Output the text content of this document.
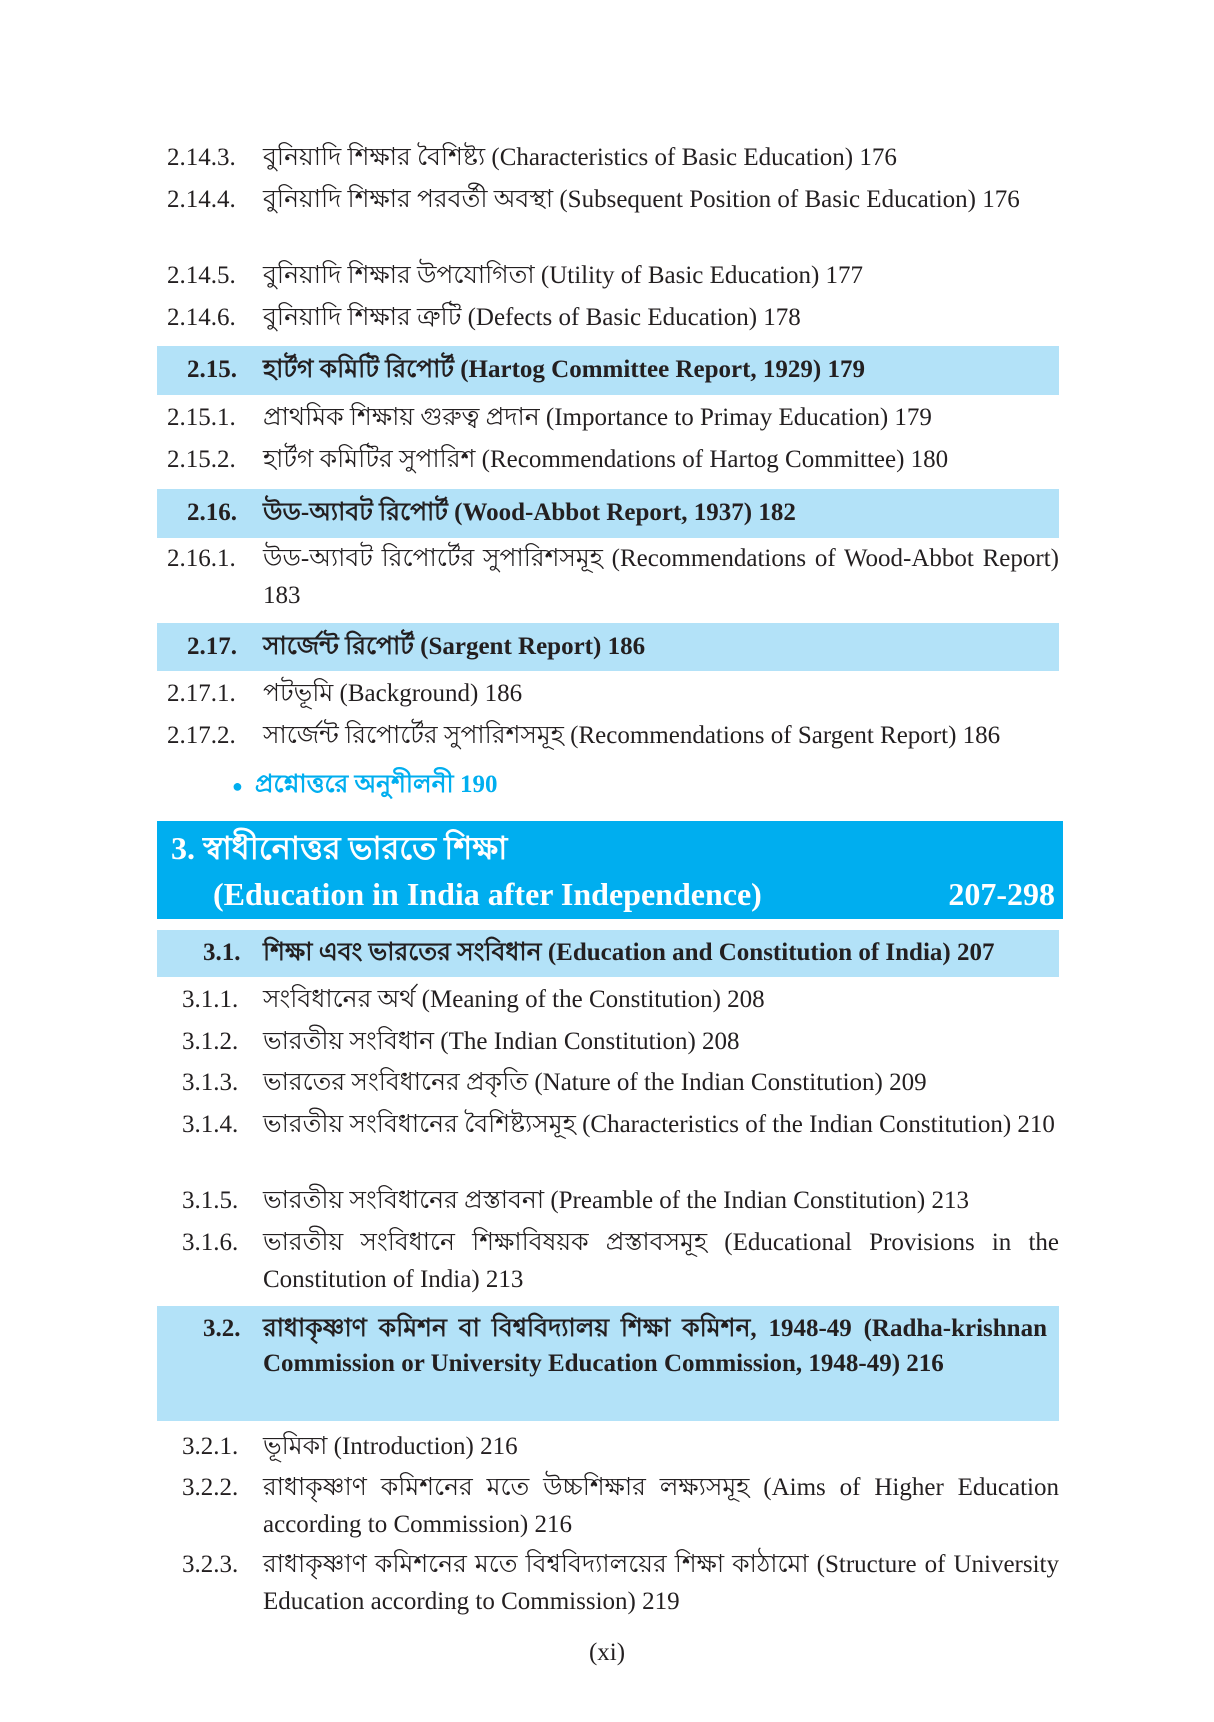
2.14.3.	বুনিয়াদি শিক্ষার বৈশিষ্ট্য (Characteristics of Basic Education) 176
2.14.4.	বুনিয়াদি শিক্ষার পরবর্তী অবস্থা (Subsequent Position of Basic Education) 176
2.14.5.	বুনিয়াদি শিক্ষার উপযোগিতা (Utility of Basic Education) 177
2.14.6.	বুনিয়াদি শিক্ষার ত্রুটি (Defects of Basic Education) 178
2.15.	হার্টগ কমিটি রিপোর্ট (Hartog Committee Report, 1929) 179
2.15.1.	প্রাথমিক শিক্ষায় গুরুত্ব প্রদান (Importance to Primay Education) 179
2.15.2.	হার্টগ কমিটির সুপারিশ (Recommendations of Hartog Committee) 180
2.16.	উড-অ্যাবট রিপোর্ট (Wood-Abbot Report, 1937) 182
2.16.1.	উড-অ্যাবট রিপোর্টের সুপারিশসমূহ (Recommendations of Wood-Abbot Report) 183
2.17.	সার্জেন্ট রিপোর্ট (Sargent Report) 186
2.17.1.	পটভূমি (Background) 186
2.17.2.	সার্জেন্ট রিপোর্টের সুপারিশসমূহ (Recommendations of Sargent Report) 186
● প্রশ্নোত্তরে অনুশীলনী 190
3. স্বাধীনোত্তর ভারতে শিক্ষা
(Education in India after Independence)	207-298
3.1. শিক্ষা এবং ভারতের সংবিধান (Education and Constitution of India) 207
3.1.1. সংবিধানের অর্থ (Meaning of the Constitution) 208
3.1.2. ভারতীয় সংবিধান (The Indian Constitution) 208
3.1.3. ভারতের সংবিধানের প্রকৃতি (Nature of the Indian Constitution) 209
3.1.4. ভারতীয় সংবিধানের বৈশিষ্ট্যসমূহ (Characteristics of the Indian Constitution) 210
3.1.5. ভারতীয় সংবিধানের প্রস্তাবনা (Preamble of the Indian Constitution) 213
3.1.6. ভারতীয় সংবিধানে শিক্ষাবিষয়ক প্রস্তাবসমূহ (Educational Provisions in the Constitution of India) 213
3.2. রাধাকৃষ্ণাণ কমিশন বা বিশ্ববিদ্যালয় শিক্ষা কমিশন, 1948-49 (Radha-krishnan Commission or University Education Commission, 1948-49) 216
3.2.1. ভূমিকা (Introduction) 216
3.2.2. রাধাকৃষ্ণাণ কমিশনের মতে উচ্চশিক্ষার লক্ষ্যসমূহ (Aims of Higher Education according to Commission) 216
3.2.3. রাধাকৃষ্ণাণ কমিশনের মতে বিশ্ববিদ্যালয়ের শিক্ষা কাঠামো (Structure of University Education according to Commission) 219
(xi)
